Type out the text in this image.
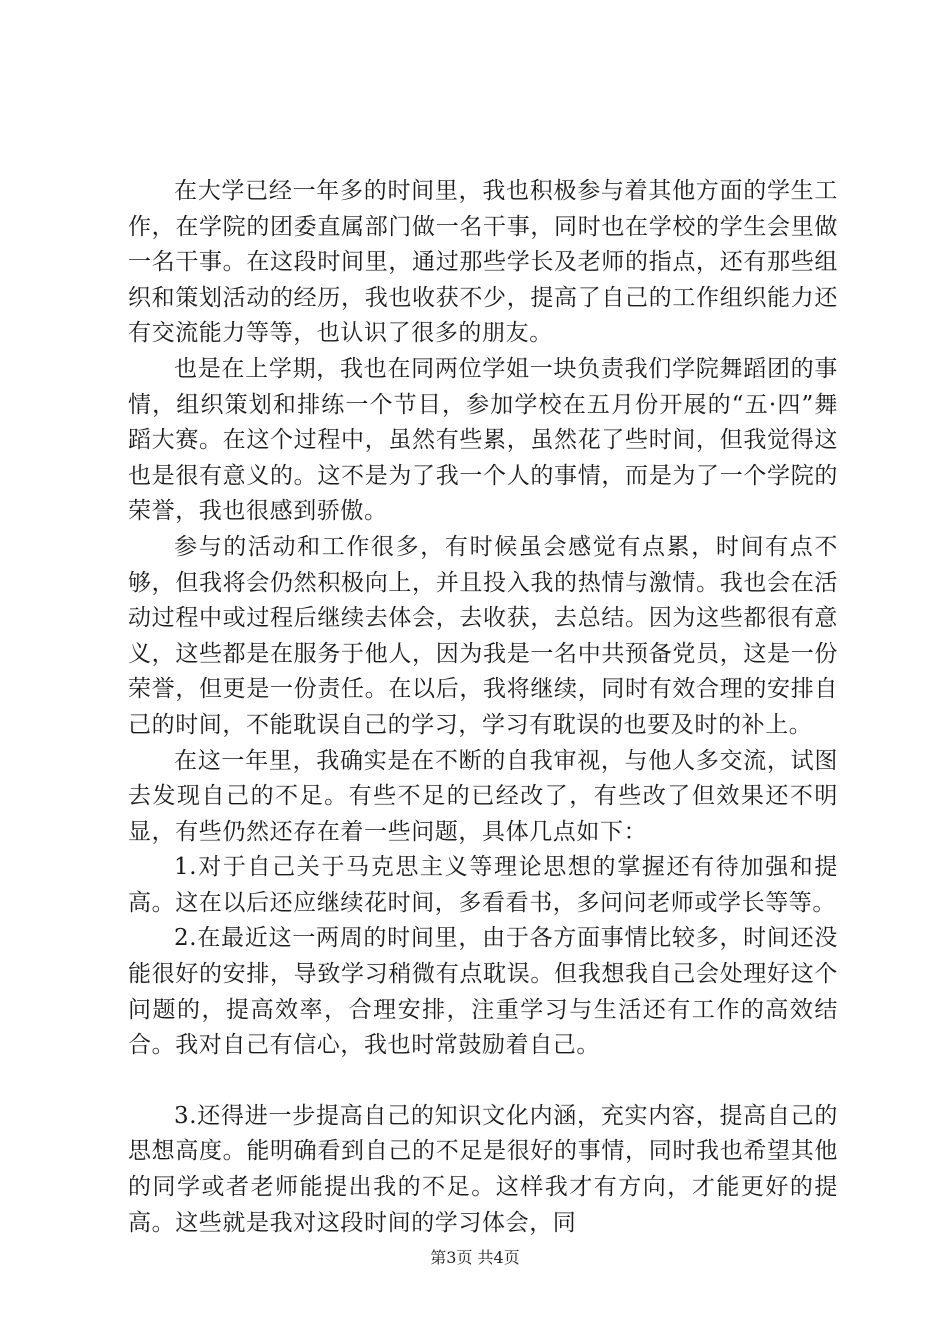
在大学已经一年多的时间里，我也积极参与着其他方面的学生工作，在学院的团委直属部门做一名干事，同时也在学校的学生会里做一名干事。在这段时间里，通过那些学长及老师的指点，还有那些组织和策划活动的经历，我也收获不少，提高了自己的工作组织能力还有交流能力等等，也认识了很多的朋友。

也是在上学期，我也在同两位学姐一块负责我们学院舞蹈团的事情，组织策划和排练一个节目，参加学校在五月份开展的“五·四”舞蹈大赛。在这个过程中，虽然有些累，虽然花了些时间，但我觉得这也是很有意义的。这不是为了我一个人的事情，而是为了一个学院的荣誉，我也很感到骄傲。

参与的活动和工作很多，有时候虽会感觉有点累，时间有点不够，但我将会仍然积极向上，并且投入我的热情与激情。我也会在活动过程中或过程后继续去体会，去收获，去总结。因为这些都很有意义，这些都是在服务于他人，因为我是一名中共预备党员，这是一份荣誉，但更是一份责任。在以后，我将继续，同时有效合理的安排自己的时间，不能耽误自己的学习，学习有耽误的也要及时的补上。

在这一年里，我确实是在不断的自我审视，与他人多交流，试图去发现自己的不足。有些不足的已经改了，有些改了但效果还不明显，有些仍然还存在着一些问题，具体几点如下：

1.对于自己关于马克思主义等理论思想的掌握还有待加强和提高。这在以后还应继续花时间，多看看书，多问问老师或学长等等。

2.在最近这一两周的时间里，由于各方面事情比较多，时间还没能很好的安排，导致学习稍微有点耽误。但我想我自己会处理好这个问题的，提高效率，合理安排，注重学习与生活还有工作的高效结合。我对自己有信心，我也时常鼓励着自己。

3.还得进一步提高自己的知识文化内涵，充实内容，提高自己的思想高度。能明确看到自己的不足是很好的事情，同时我也希望其他的同学或者老师能提出我的不足。这样我才有方向，才能更好的提高。这些就是我对这段时间的学习体会，同

第3页 共4页
